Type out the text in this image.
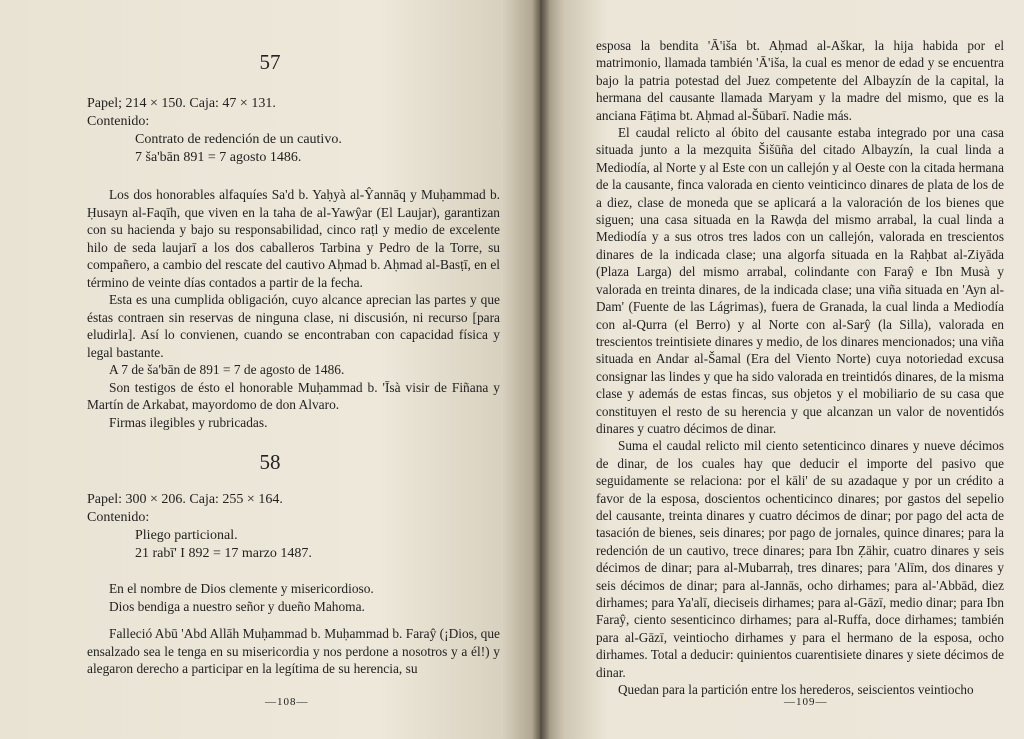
57
Papel; 214 × 150. Caja: 47 × 131.
Contenido:
Contrato de redención de un cautivo.
7 ša'bān 891 = 7 agosto 1486.

Los dos honorables alfaquíes Sa'd b. Yaḥyà al-Ŷannāq y Muḥammad b. Ḥusayn al-Faqīh, que viven en la taha de al-Yawŷar (El Laujar), garantizan con su hacienda y bajo su responsabilidad, cinco raṭl y medio de excelente hilo de seda laujarī a los dos caballeros Tarbina y Pedro de la Torre, su compañero, a cambio del rescate del cautivo Aḥmad b. Aḥmad al-Basṭī, en el término de veinte días contados a partir de la fecha.

Esta es una cumplida obligación, cuyo alcance aprecian las partes y que éstas contraen sin reservas de ninguna clase, ni discusión, ni recurso [para eludirla]. Así lo convienen, cuando se encontraban con capacidad física y legal bastante.

A 7 de ša'bān de 891 = 7 de agosto de 1486.

Son testigos de ésto el honorable Muḥammad b. 'Īsà visir de Fiñana y Martín de Arkabat, mayordomo de don Alvaro.

Firmas ilegibles y rubricadas.

58
Papel: 300 × 206. Caja: 255 × 164.
Contenido:
Pliego particional.
21 rabī' I 892 = 17 marzo 1487.

En el nombre de Dios clemente y misericordioso.

Dios bendiga a nuestro señor y dueño Mahoma.

Falleció Abū 'Abd Allāh Muḥammad b. Muḥammad b. Faraŷ (¡Dios, que ensalzado sea le tenga en su misericordia y nos perdone a nosotros y a él!) y alegaron derecho a participar en la legítima de su herencia, su

—108—

esposa la bendita 'Ā'iša bt. Aḥmad al-Aškar, la hija habida por el matrimonio, llamada también 'Ā'iša, la cual es menor de edad y se encuentra bajo la patria potestad del Juez competente del Albayzín de la capital, la hermana del causante llamada Maryam y la madre del mismo, que es la anciana Fāṭima bt. Aḥmad al-Šūbarī. Nadie más.

El caudal relicto al óbito del causante estaba integrado por una casa situada junto a la mezquita Šišūña del citado Albayzín, la cual linda a Mediodía, al Norte y al Este con un callejón y al Oeste con la citada hermana de la causante, finca valorada en ciento veinticinco dinares de plata de los de a diez, clase de moneda que se aplicará a la valoración de los bienes que siguen; una casa situada en la Rawḍa del mismo arrabal, la cual linda a Mediodía y a sus otros tres lados con un callejón, valorada en trescientos dinares de la indicada clase; una algorfa situada en la Raḥbat al-Ziyāda (Plaza Larga) del mismo arrabal, colindante con Faraŷ e Ibn Musà y valorada en treinta dinares, de la indicada clase; una viña situada en 'Ayn al-Dam' (Fuente de las Lágrimas), fuera de Granada, la cual linda a Mediodía con al-Qurra (el Berro) y al Norte con al-Sarŷ (la Silla), valorada en trescientos treintisiete dinares y medio, de los dinares mencionados; una viña situada en Andar al-Šamal (Era del Viento Norte) cuya notoriedad excusa consignar las lindes y que ha sido valorada en treintidós dinares, de la misma clase y además de estas fincas, sus objetos y el mobiliario de su casa que constituyen el resto de su herencia y que alcanzan un valor de noventidós dinares y cuatro décimos de dinar.

Suma el caudal relicto mil ciento setenticinco dinares y nueve décimos de dinar, de los cuales hay que deducir el importe del pasivo que seguidamente se relaciona: por el kāli' de su azadaque y por un crédito a favor de la esposa, doscientos ochenticinco dinares; por gastos del sepelio del causante, treinta dinares y cuatro décimos de dinar; por pago del acta de tasación de bienes, seis dinares; por pago de jornales, quince dinares; para la redención de un cautivo, trece dinares; para Ibn Ẓāhir, cuatro dinares y seis décimos de dinar; para al-Mubarraḥ, tres dinares; para 'Alīm, dos dinares y seis décimos de dinar; para al-Jannās, ocho dirhames; para al-'Abbād, diez dirhames; para Ya'alī, dieciseis dirhames; para al-Gāzī, medio dinar; para Ibn Faraŷ, ciento sesenticinco dirhames; para al-Ruffa, doce dirhames; también para al-Gāzī, veintiocho dirhames y para el hermano de la esposa, ocho dirhames. Total a deducir: quinientos cuarentisiete dinares y siete décimos de dinar.

Quedan para la partición entre los herederos, seiscientos veintiocho

—109—
